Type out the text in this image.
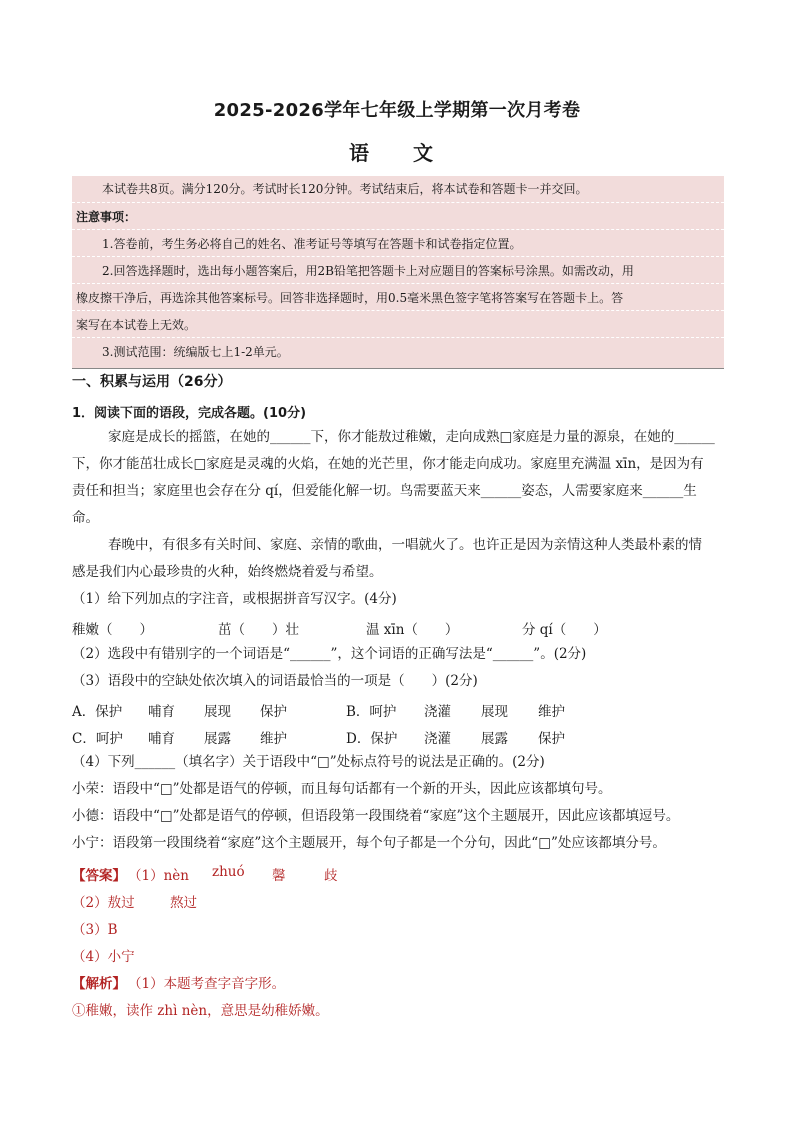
2025-2026学年七年级上学期第一次月考卷
语　文
本试卷共8页。满分120分。考试时长120分钟。考试结束后，将本试卷和答题卡一并交回。
注意事项：
1.答卷前，考生务必将自己的姓名、准考证号等填写在答题卡和试卷指定位置。
2.回答选择题时，选出每小题答案后，用2B铅笔把答题卡上对应题目的答案标号涂黑。如需改动，用
橡皮擦干净后，再选涂其他答案标号。回答非选择题时，用0.5毫米黑色签字笔将答案写在答题卡上。答
案写在本试卷上无效。
3.测试范围：统编版七上1-2单元。
一、积累与运用（26分）
1．阅读下面的语段，完成各题。(10分)
家庭是成长的摇篮，在她的______下，你才能敖过稚嫩，走向成熟□家庭是力量的源泉，在她的______
下，你才能茁壮成长□家庭是灵魂的火焰，在她的光芒里，你才能走向成功。家庭里充满温 xīn，是因为有
责任和担当；家庭里也会存在分 qí，但爱能化解一切。鸟需要蓝天来______姿态，人需要家庭来______生
命。
春晚中，有很多有关时间、家庭、亲情的歌曲，一唱就火了。也许正是因为亲情这种人类最朴素的情
感是我们内心最珍贵的火种，始终燃烧着爱与希望。
（1）给下列加点的字注音，或根据拼音写汉字。(4分)
稚嫩（　　）	茁（　　）壮	温 xīn（　　）	分 qí（　　）
（2）选段中有错别字的一个词语是“______”，这个词语的正确写法是“______”。(2分)
（3）语段中的空缺处依次填入的词语最恰当的一项是（　　）(2分)
A．保护 哺育 展现 保护	B．呵护 浇灌 展现 维护
C．呵护 哺育 展露 维护	D．保护 浇灌 展露 保护
（4）下列______（填名字）关于语段中“□”处标点符号的说法是正确的。(2分)
小荣：语段中“□”处都是语气的停顿，而且每句话都有一个新的开头，因此应该都填句号。
小德：语段中“□”处都是语气的停顿，但语段第一段围绕着“家庭”这个主题展开，因此应该都填逗号。
小宁：语段第一段围绕着“家庭”这个主题展开，每个句子都是一个分句，因此“□”处应该都填分号。
【答案】 （1）nèn zhuó 馨	歧
（2）敖过	熬过
（3）B
（4）小宁
【解析】 （1）本题考查字音字形。
①稚嫩，读作 zhì nèn，意思是幼稚娇嫩。
